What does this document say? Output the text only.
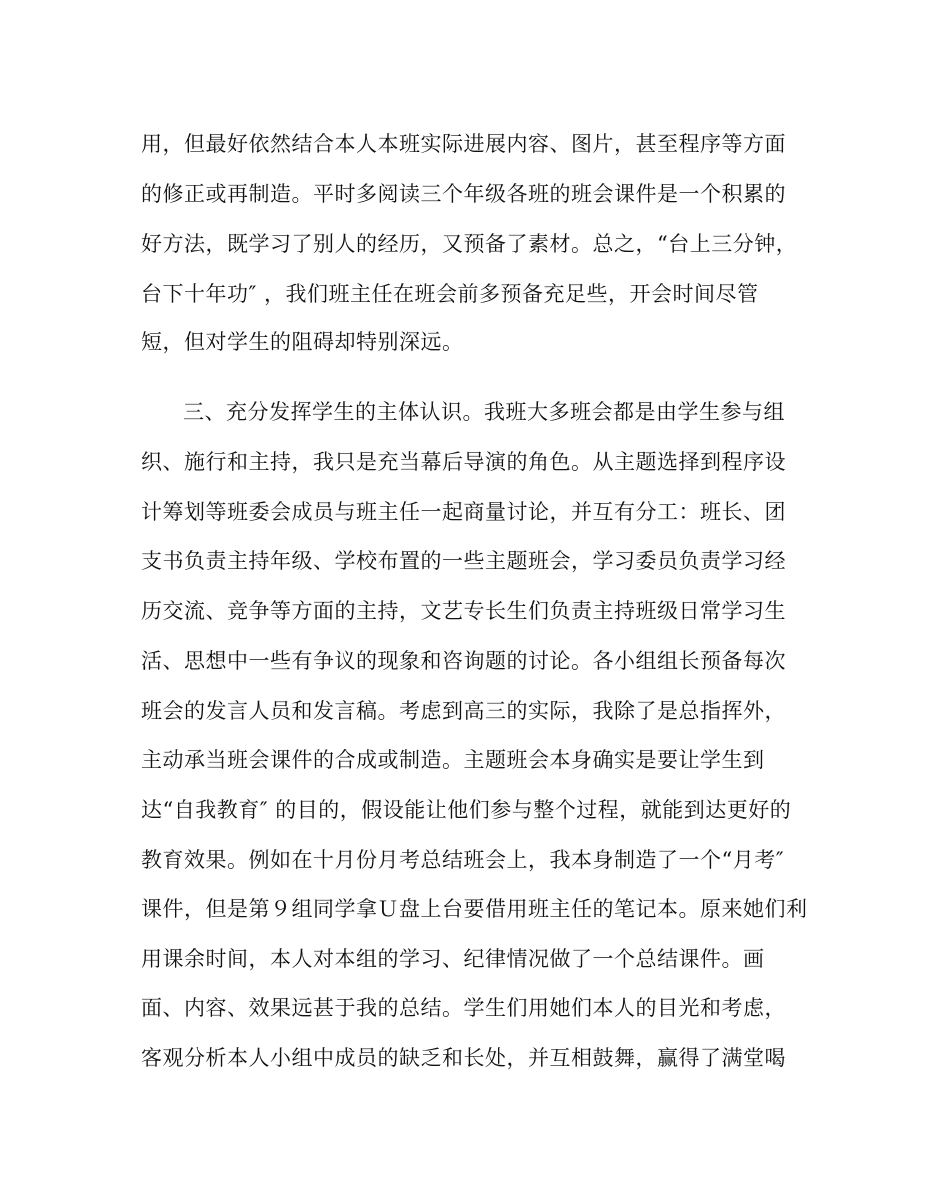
用，但最好依然结合本人本班实际进展内容、图片，甚至程序等方面
的修正或再制造。平时多阅读三个年级各班的班会课件是一个积累的
好方法，既学习了别人的经历，又预备了素材。总之，“台上三分钟，
台下十年功″ ，我们班主任在班会前多预备充足些，开会时间尽管
短，但对学生的阻碍却特别深远。
三、充分发挥学生的主体认识。我班大多班会都是由学生参与组
织、施行和主持，我只是充当幕后导演的角色。从主题选择到程序设
计筹划等班委会成员与班主任一起商量讨论，并互有分工：班长、团
支书负责主持年级、学校布置的一些主题班会，学习委员负责学习经
历交流、竞争等方面的主持，文艺专长生们负责主持班级日常学习生
活、思想中一些有争议的现象和咨询题的讨论。各小组组长预备每次
班会的发言人员和发言稿。考虑到高三的实际，我除了是总指挥外，
主动承当班会课件的合成或制造。主题班会本身确实是要让学生到
达“自我教育″ 的目的，假设能让他们参与整个过程，就能到达更好的
教育效果。例如在十月份月考总结班会上，我本身制造了一个“月考″
课件，但是第９组同学拿Ｕ盘上台要借用班主任的笔记本。原来她们利
用课余时间，本人对本组的学习、纪律情况做了一个总结课件。画
面、内容、效果远甚于我的总结。学生们用她们本人的目光和考虑，
客观分析本人小组中成员的缺乏和长处，并互相鼓舞，赢得了满堂喝
